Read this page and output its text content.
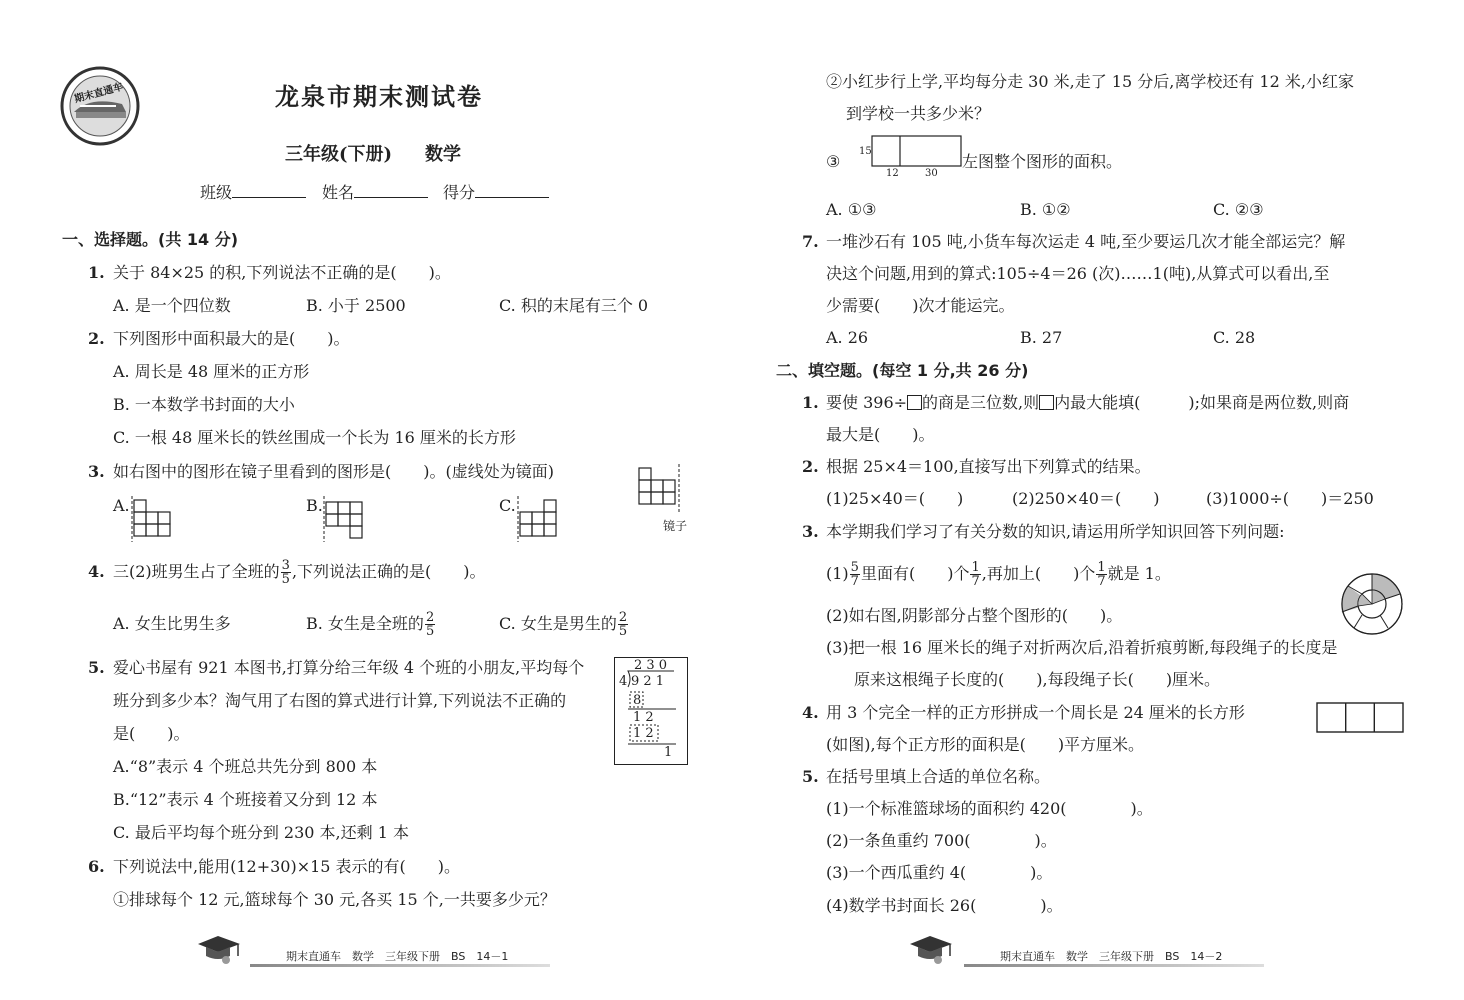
期末直通车	龙泉市期末测试卷
三年级(下册) 数学
班级	姓名	得分
一、选择题。(共 14 分)
1. 关于 84×25 的积,下列说法不正确的是(　　)。
A. 是一个四位数	B. 小于 2500	C. 积的末尾有三个 0
2. 下列图形中面积最大的是(　　)。
A. 周长是 48 厘米的正方形
B. 一本数学书封面的大小
C. 一根 48 厘米长的铁丝围成一个长为 16 厘米的长方形
3. 如右图中的图形在镜子里看到的图形是(　　)。(虚线处为镜面)
镜子
A.	B.	C.
4. 三(2)班男生占了全班的 $\frac{3}{5}$ ,下列说法正确的是(　　)。
A. 女生比男生多	B. 女生是全班的 $\frac{2}{5}$	C. 女生是男生的 $\frac{2}{5}$
5. 爱心书屋有 921 本图书,打算分给三年级 4 个班的小朋友,平均每个
班分到多少本？淘气用了右图的算式进行计算,下列说法不正确的
是(　　)。
2 3 0
4 9 2 1
8
1 2
1 2
1
A.“8”表示 4 个班总共先分到 800 本
B.“12”表示 4 个班接着又分到 12 本
C. 最后平均每个班分到 230 本,还剩 1 本
6. 下列说法中,能用(12+30)×15 表示的有(　　)。
①排球每个 12 元,篮球每个 30 元,各买 15 个,一共要多少元？
期末直通车　数学　三年级下册　BS　14－1
②小红步行上学,平均每分走 30 米,走了 15 分后,离学校还有 12 米,小红家
到学校一共多少米？
③
15
12	30
左图整个图形的面积。
A. ①③	B. ①②	C. ②③
7. 一堆沙石有 105 吨,小货车每次运走 4 吨,至少要运几次才能全部运完？解
决这个问题,用到的算式:105÷4＝26 (次)……1(吨),从算式可以看出,至
少需要(　　)次才能运完。
A. 26	B. 27	C. 28
二、填空题。(每空 1 分,共 26 分)
1. 要使 396÷ 的商是三位数,则 内最大能填(　　　);如果商是两位数,则商
最大是(　　)。
2. 根据 25×4＝100,直接写出下列算式的结果。
(1)25×40＝(　　)	(2)250×40＝(　　)	(3)1000÷(　　)＝250
3. 本学期我们学习了有关分数的知识,请运用所学知识回答下列问题:
$(1) \frac{5}{7}$ 里面有(　　)个 $\frac{1}{7}$ ,再加上(　　)个 $\frac{1}{7}$ 就是 1。
(2)如右图,阴影部分占整个图形的(　　)。
(3)把一根 16 厘米长的绳子对折两次后,沿着折痕剪断,每段绳子的长度是
原来这根绳子长度的(　　),每段绳子长(　　)厘米。
4. 用 3 个完全一样的正方形拼成一个周长是 24 厘米的长方形
(如图),每个正方形的面积是(　　)平方厘米。
5. 在括号里填上合适的单位名称。
(1)一个标准篮球场的面积约 420(　　　　)。
(2)一条鱼重约 700(　　　　)。
(3)一个西瓜重约 4(　　　　)。
(4)数学书封面长 26(　　　　)。
期末直通车　数学　三年级下册　BS　14－2
